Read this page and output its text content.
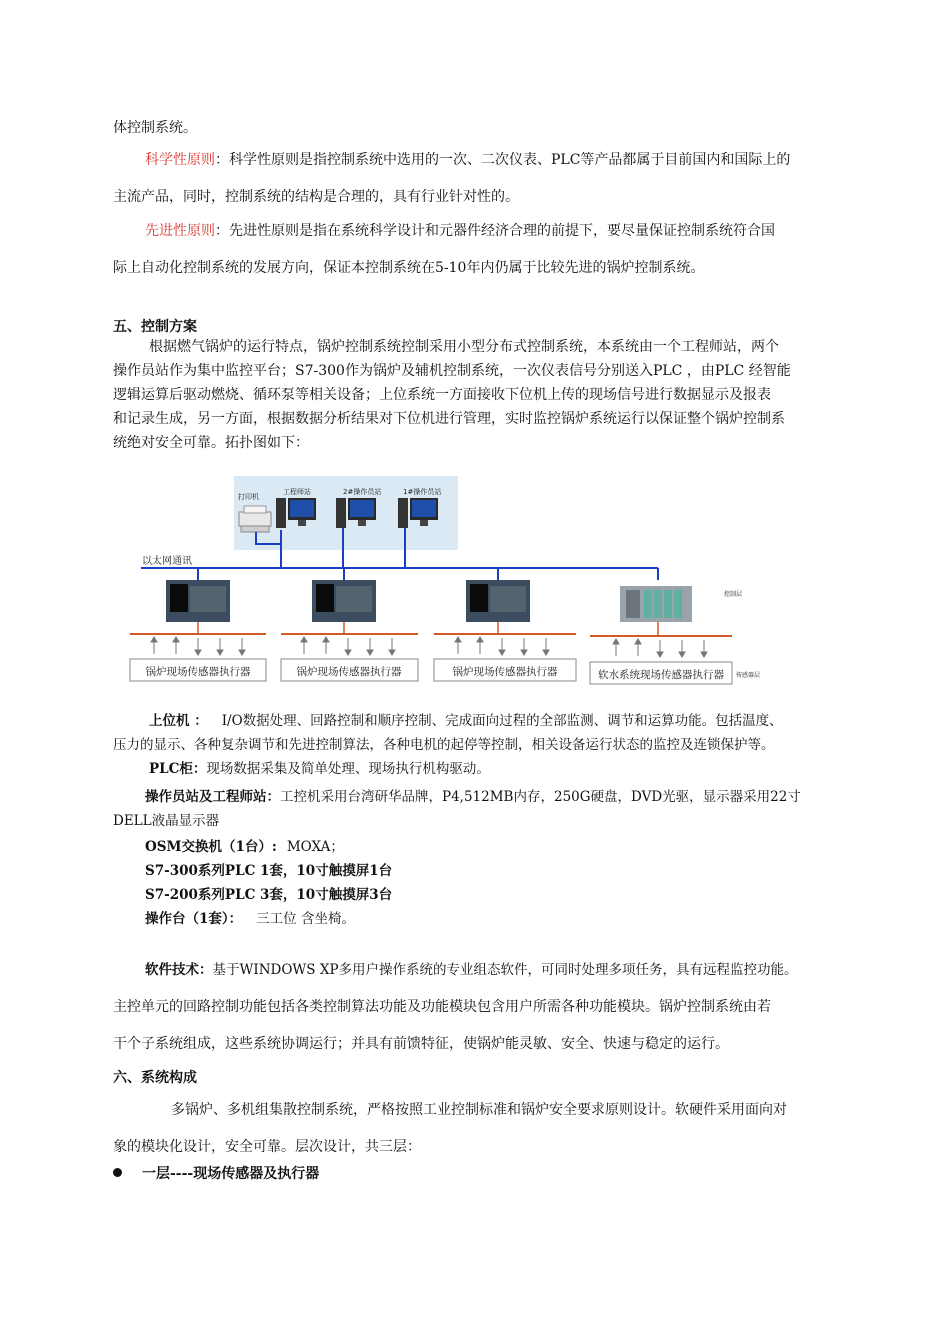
体控制系统。
科学性原则：科学性原则是指控制系统中选用的一次、二次仪表、PLC等产品都属于目前国内和国际上的
主流产品，同时，控制系统的结构是合理的，具有行业针对性的。
先进性原则：先进性原则是指在系统科学设计和元器件经济合理的前提下，要尽量保证控制系统符合国
际上自动化控制系统的发展方向，保证本控制系统在5-10年内仍属于比较先进的锅炉控制系统。
五、控制方案
根据燃气锅炉的运行特点，锅炉控制系统控制采用小型分布式控制系统，本系统由一个工程师站，两个
操作员站作为集中监控平台；S7-300作为锅炉及辅机控制系统，一次仪表信号分别送入PLC ，由PLC 经智能
逻辑运算后驱动燃烧、循环泵等相关设备；上位系统一方面接收下位机上传的现场信号进行数据显示及报表
和记录生成，另一方面，根据数据分析结果对下位机进行管理，实时监控锅炉系统运行以保证整个锅炉控制系
统绝对安全可靠。拓扑图如下：
打印机
工程师站	2#操作员站	1#操作员站
以太网通讯
控制层
锅炉现场传感器执行器	锅炉现场传感器执行器	锅炉现场传感器执行器	软水系统现场传感器执行器 传感器层
上位机 ： I/O数据处理、回路控制和顺序控制、完成面向过程的全部监测、调节和运算功能。包括温度、
压力的显示、各种复杂调节和先进控制算法，各种电机的起停等控制，相关设备运行状态的监控及连锁保护等。
PLC柜：现场数据采集及简单处理、现场执行机构驱动。
操作员站及工程师站：工控机采用台湾研华品牌，P4,512MB内存，250G硬盘，DVD光驱，显示器采用22寸
DELL液晶显示器
OSM交换机（1台）: MOXA；
S7-300系列PLC 1套，10寸触摸屏1台
S7-200系列PLC 3套，10寸触摸屏3台
操作台（1套）： 三工位 含坐椅。
软件技术：基于WINDOWS XP多用户操作系统的专业组态软件，可同时处理多项任务，具有远程监控功能。
主控单元的回路控制功能包括各类控制算法功能及功能模块包含用户所需各种功能模块。锅炉控制系统由若
干个子系统组成，这些系统协调运行；并具有前馈特征，使锅炉能灵敏、安全、快速与稳定的运行。
六、系统构成
多锅炉、多机组集散控制系统，严格按照工业控制标准和锅炉安全要求原则设计。软硬件采用面向对
象的模块化设计，安全可靠。层次设计，共三层：
一层----现场传感器及执行器
